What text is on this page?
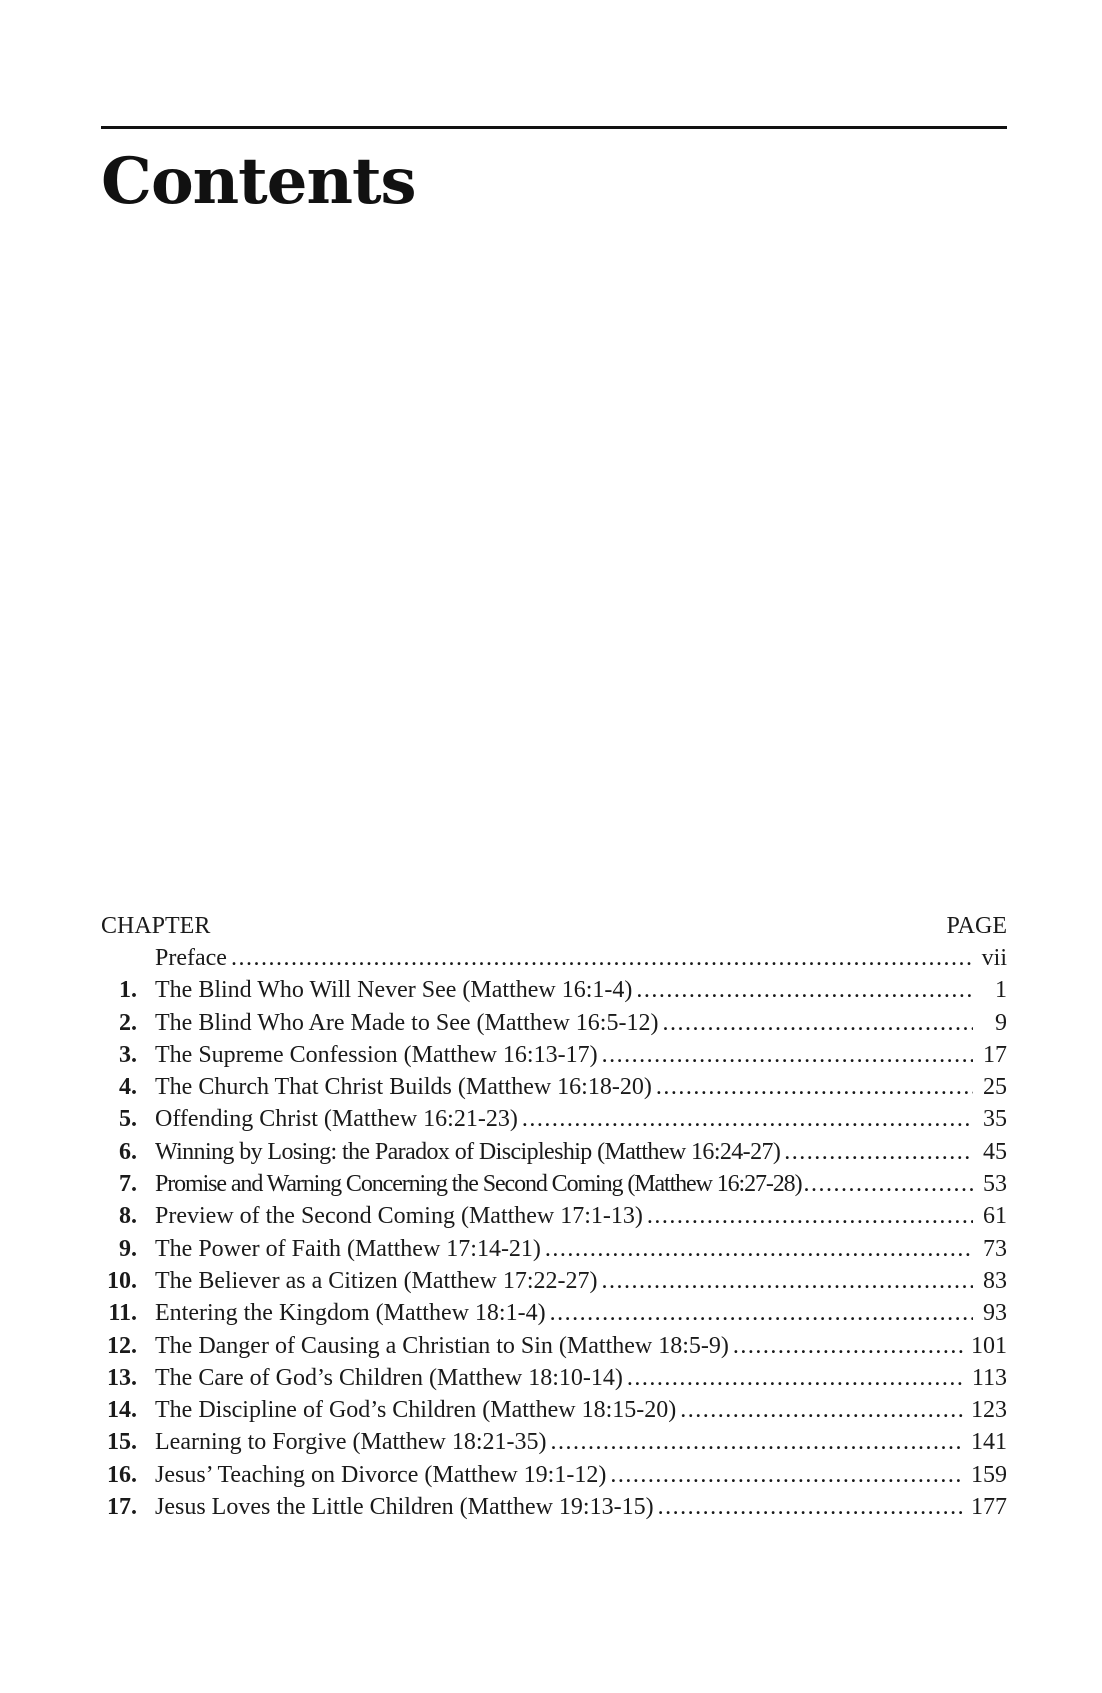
Contents
CHAPTER	PAGE
Preface .....	vii
1. The Blind Who Will Never See (Matthew 16:1-4) .....	1
2. The Blind Who Are Made to See (Matthew 16:5-12) .....	9
3. The Supreme Confession (Matthew 16:13-17) .....	17
4. The Church That Christ Builds (Matthew 16:18-20) .....	25
5. Offending Christ (Matthew 16:21-23) .....	35
6. Winning by Losing: the Paradox of Discipleship (Matthew 16:24-27) .....	45
7. Promise and Warning Concerning the Second Coming (Matthew 16:27-28) .....	53
8. Preview of the Second Coming (Matthew 17:1-13) .....	61
9. The Power of Faith (Matthew 17:14-21) .....	73
10. The Believer as a Citizen (Matthew 17:22-27) .....	83
11. Entering the Kingdom (Matthew 18:1-4) .....	93
12. The Danger of Causing a Christian to Sin (Matthew 18:5-9) .....	101
13. The Care of God’s Children (Matthew 18:10-14) .....	113
14. The Discipline of God’s Children (Matthew 18:15-20) .....	123
15. Learning to Forgive (Matthew 18:21-35) .....	141
16. Jesus’ Teaching on Divorce (Matthew 19:1-12) .....	159
17. Jesus Loves the Little Children (Matthew 19:13-15) .....	177
